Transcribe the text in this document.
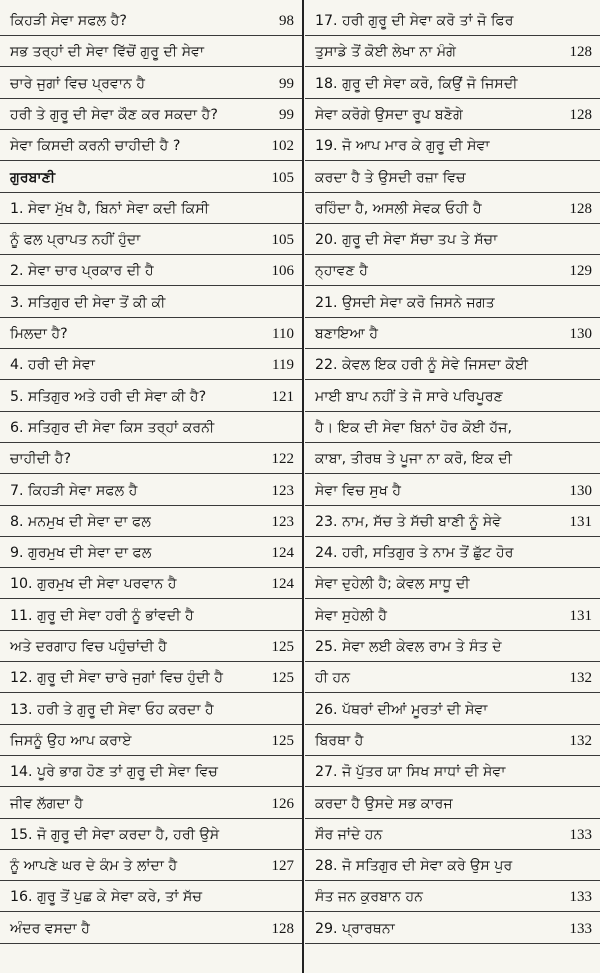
ਕਿਹੜੀ ਸੇਵਾ ਸਫਲ ਹੈ?	98
ਸਭ ਤਰ੍ਹਾਂ ਦੀ ਸੇਵਾ ਵਿੱਚੋਂ ਗੁਰੂ ਦੀ ਸੇਵਾ
ਚਾਰੇ ਜੁਗਾਂ ਵਿਚ ਪ੍ਰਵਾਨ ਹੈ	99
ਹਰੀ ਤੇ ਗੁਰੂ ਦੀ ਸੇਵਾ ਕੌਣ ਕਰ ਸਕਦਾ ਹੈ?	99
ਸੇਵਾ ਕਿਸਦੀ ਕਰਨੀ ਚਾਹੀਦੀ ਹੈ ?	102
ਗੁਰਬਾਣੀ	105
1. ਸੇਵਾ ਮੁੱਖ ਹੈ, ਬਿਨਾਂ ਸੇਵਾ ਕਦੀ ਕਿਸੀ
ਨੂੰ ਫਲ ਪ੍ਰਾਪਤ ਨਹੀਂ ਹੁੰਦਾ	105
2. ਸੇਵਾ ਚਾਰ ਪ੍ਰਕਾਰ ਦੀ ਹੈ	106
3. ਸਤਿਗੁਰ ਦੀ ਸੇਵਾ ਤੋਂ ਕੀ ਕੀ
ਮਿਲਦਾ ਹੈ?	110
4. ਹਰੀ ਦੀ ਸੇਵਾ	119
5. ਸਤਿਗੁਰ ਅਤੇ ਹਰੀ ਦੀ ਸੇਵਾ ਕੀ ਹੈ?	121
6. ਸਤਿਗੁਰ ਦੀ ਸੇਵਾ ਕਿਸ ਤਰ੍ਹਾਂ ਕਰਨੀ
ਚਾਹੀਦੀ ਹੈ?	122
7. ਕਿਹੜੀ ਸੇਵਾ ਸਫਲ ਹੈ	123
8. ਮਨਮੁਖ ਦੀ ਸੇਵਾ ਦਾ ਫਲ	123
9. ਗੁਰਮੁਖ ਦੀ ਸੇਵਾ ਦਾ ਫਲ	124
10. ਗੁਰਮੁਖ ਦੀ ਸੇਵਾ ਪਰਵਾਨ ਹੈ	124
11. ਗੁਰੂ ਦੀ ਸੇਵਾ ਹਰੀ ਨੂੰ ਭਾਂਵਦੀ ਹੈ
ਅਤੇ ਦਰਗਾਹ ਵਿਚ ਪਹੁੰਚਾਂਦੀ ਹੈ	125
12. ਗੁਰੂ ਦੀ ਸੇਵਾ ਚਾਰੇ ਜੁਗਾਂ ਵਿਚ ਹੁੰਦੀ ਹੈ	125
13. ਹਰੀ ਤੇ ਗੁਰੂ ਦੀ ਸੇਵਾ ਓਹ ਕਰਦਾ ਹੈ
ਜਿਸਨੂੰ ਉਹ ਆਪ ਕਰਾਏ	125
14. ਪੂਰੇ ਭਾਗ ਹੋਣ ਤਾਂ ਗੁਰੂ ਦੀ ਸੇਵਾ ਵਿਚ
ਜੀਵ ਲੱਗਦਾ ਹੈ	126
15. ਜੋ ਗੁਰੂ ਦੀ ਸੇਵਾ ਕਰਦਾ ਹੈ, ਹਰੀ ਉਸੇ
ਨੂੰ ਆਪਣੇ ਘਰ ਦੇ ਕੰਮ ਤੇ ਲਾਂਦਾ ਹੈ	127
16. ਗੁਰੂ ਤੋਂ ਪੁਛ ਕੇ ਸੇਵਾ ਕਰੇ, ਤਾਂ ਸੱਚ
ਅੰਦਰ ਵਸਦਾ ਹੈ	128
17. ਹਰੀ ਗੁਰੂ ਦੀ ਸੇਵਾ ਕਰੋ ਤਾਂ ਜੋ ਫਿਰ
ਤੁਸਾਡੇ ਤੋਂ ਕੋਈ ਲੇਖਾ ਨਾ ਮੰਗੇ	128
18. ਗੁਰੂ ਦੀ ਸੇਵਾ ਕਰੋ, ਕਿਉਂ ਜੋ ਜਿਸਦੀ
ਸੇਵਾ ਕਰੋਗੇ ਉਸਦਾ ਰੂਪ ਬਣੋਗੇ	128
19. ਜੋ ਆਪ ਮਾਰ ਕੇ ਗੁਰੂ ਦੀ ਸੇਵਾ
ਕਰਦਾ ਹੈ ਤੇ ਉਸਦੀ ਰਜ਼ਾ ਵਿਚ
ਰਹਿੰਦਾ ਹੈ, ਅਸਲੀ ਸੇਵਕ ਓਹੀ ਹੈ	128
20. ਗੁਰੂ ਦੀ ਸੇਵਾ ਸੱਚਾ ਤਪ ਤੇ ਸੱਚਾ
ਨ੍ਹਾਵਣ ਹੈ	129
21. ਉਸਦੀ ਸੇਵਾ ਕਰੋ ਜਿਸਨੇ ਜਗਤ
ਬਣਾਇਆ ਹੈ	130
22. ਕੇਵਲ ਇਕ ਹਰੀ ਨੂੰ ਸੇਵੇ ਜਿਸਦਾ ਕੋਈ
ਮਾਈ ਬਾਪ ਨਹੀਂ ਤੇ ਜੋ ਸਾਰੇ ਪਰਿਪੂਰਣ
ਹੈ। ਇਕ ਦੀ ਸੇਵਾ ਬਿਨਾਂ ਹੋਰ ਕੋਈ ਹੱਜ,
ਕਾਬਾ, ਤੀਰਥ ਤੇ ਪੂਜਾ ਨਾ ਕਰੋ, ਇਕ ਦੀ
ਸੇਵਾ ਵਿਚ ਸੁਖ ਹੈ	130
23. ਨਾਮ, ਸੱਚ ਤੇ ਸੱਚੀ ਬਾਣੀ ਨੂੰ ਸੇਵੇ	131
24. ਹਰੀ, ਸਤਿਗੁਰ ਤੇ ਨਾਮ ਤੋਂ ਛੁੱਟ ਹੋਰ
ਸੇਵਾ ਦੁਹੇਲੀ ਹੈ; ਕੇਵਲ ਸਾਧੂ ਦੀ
ਸੇਵਾ ਸੁਹੇਲੀ ਹੈ	131
25. ਸੇਵਾ ਲਈ ਕੇਵਲ ਰਾਮ ਤੇ ਸੰਤ ਦੇ
ਹੀ ਹਨ	132
26. ਪੱਥਰਾਂ ਦੀਆਂ ਮੂਰਤਾਂ ਦੀ ਸੇਵਾ
ਬਿਰਥਾ ਹੈ	132
27. ਜੋ ਪੁੱਤਰ ਯਾ ਸਿਖ ਸਾਧਾਂ ਦੀ ਸੇਵਾ
ਕਰਦਾ ਹੈ ਉਸਦੇ ਸਭ ਕਾਰਜ
ਸੌਰ ਜਾਂਦੇ ਹਨ	133
28. ਜੋ ਸਤਿਗੁਰ ਦੀ ਸੇਵਾ ਕਰੇ ਉਸ ਪੁਰ
ਸੰਤ ਜਨ ਕੁਰਬਾਨ ਹਨ	133
29. ਪ੍ਰਾਰਥਨਾ	133
